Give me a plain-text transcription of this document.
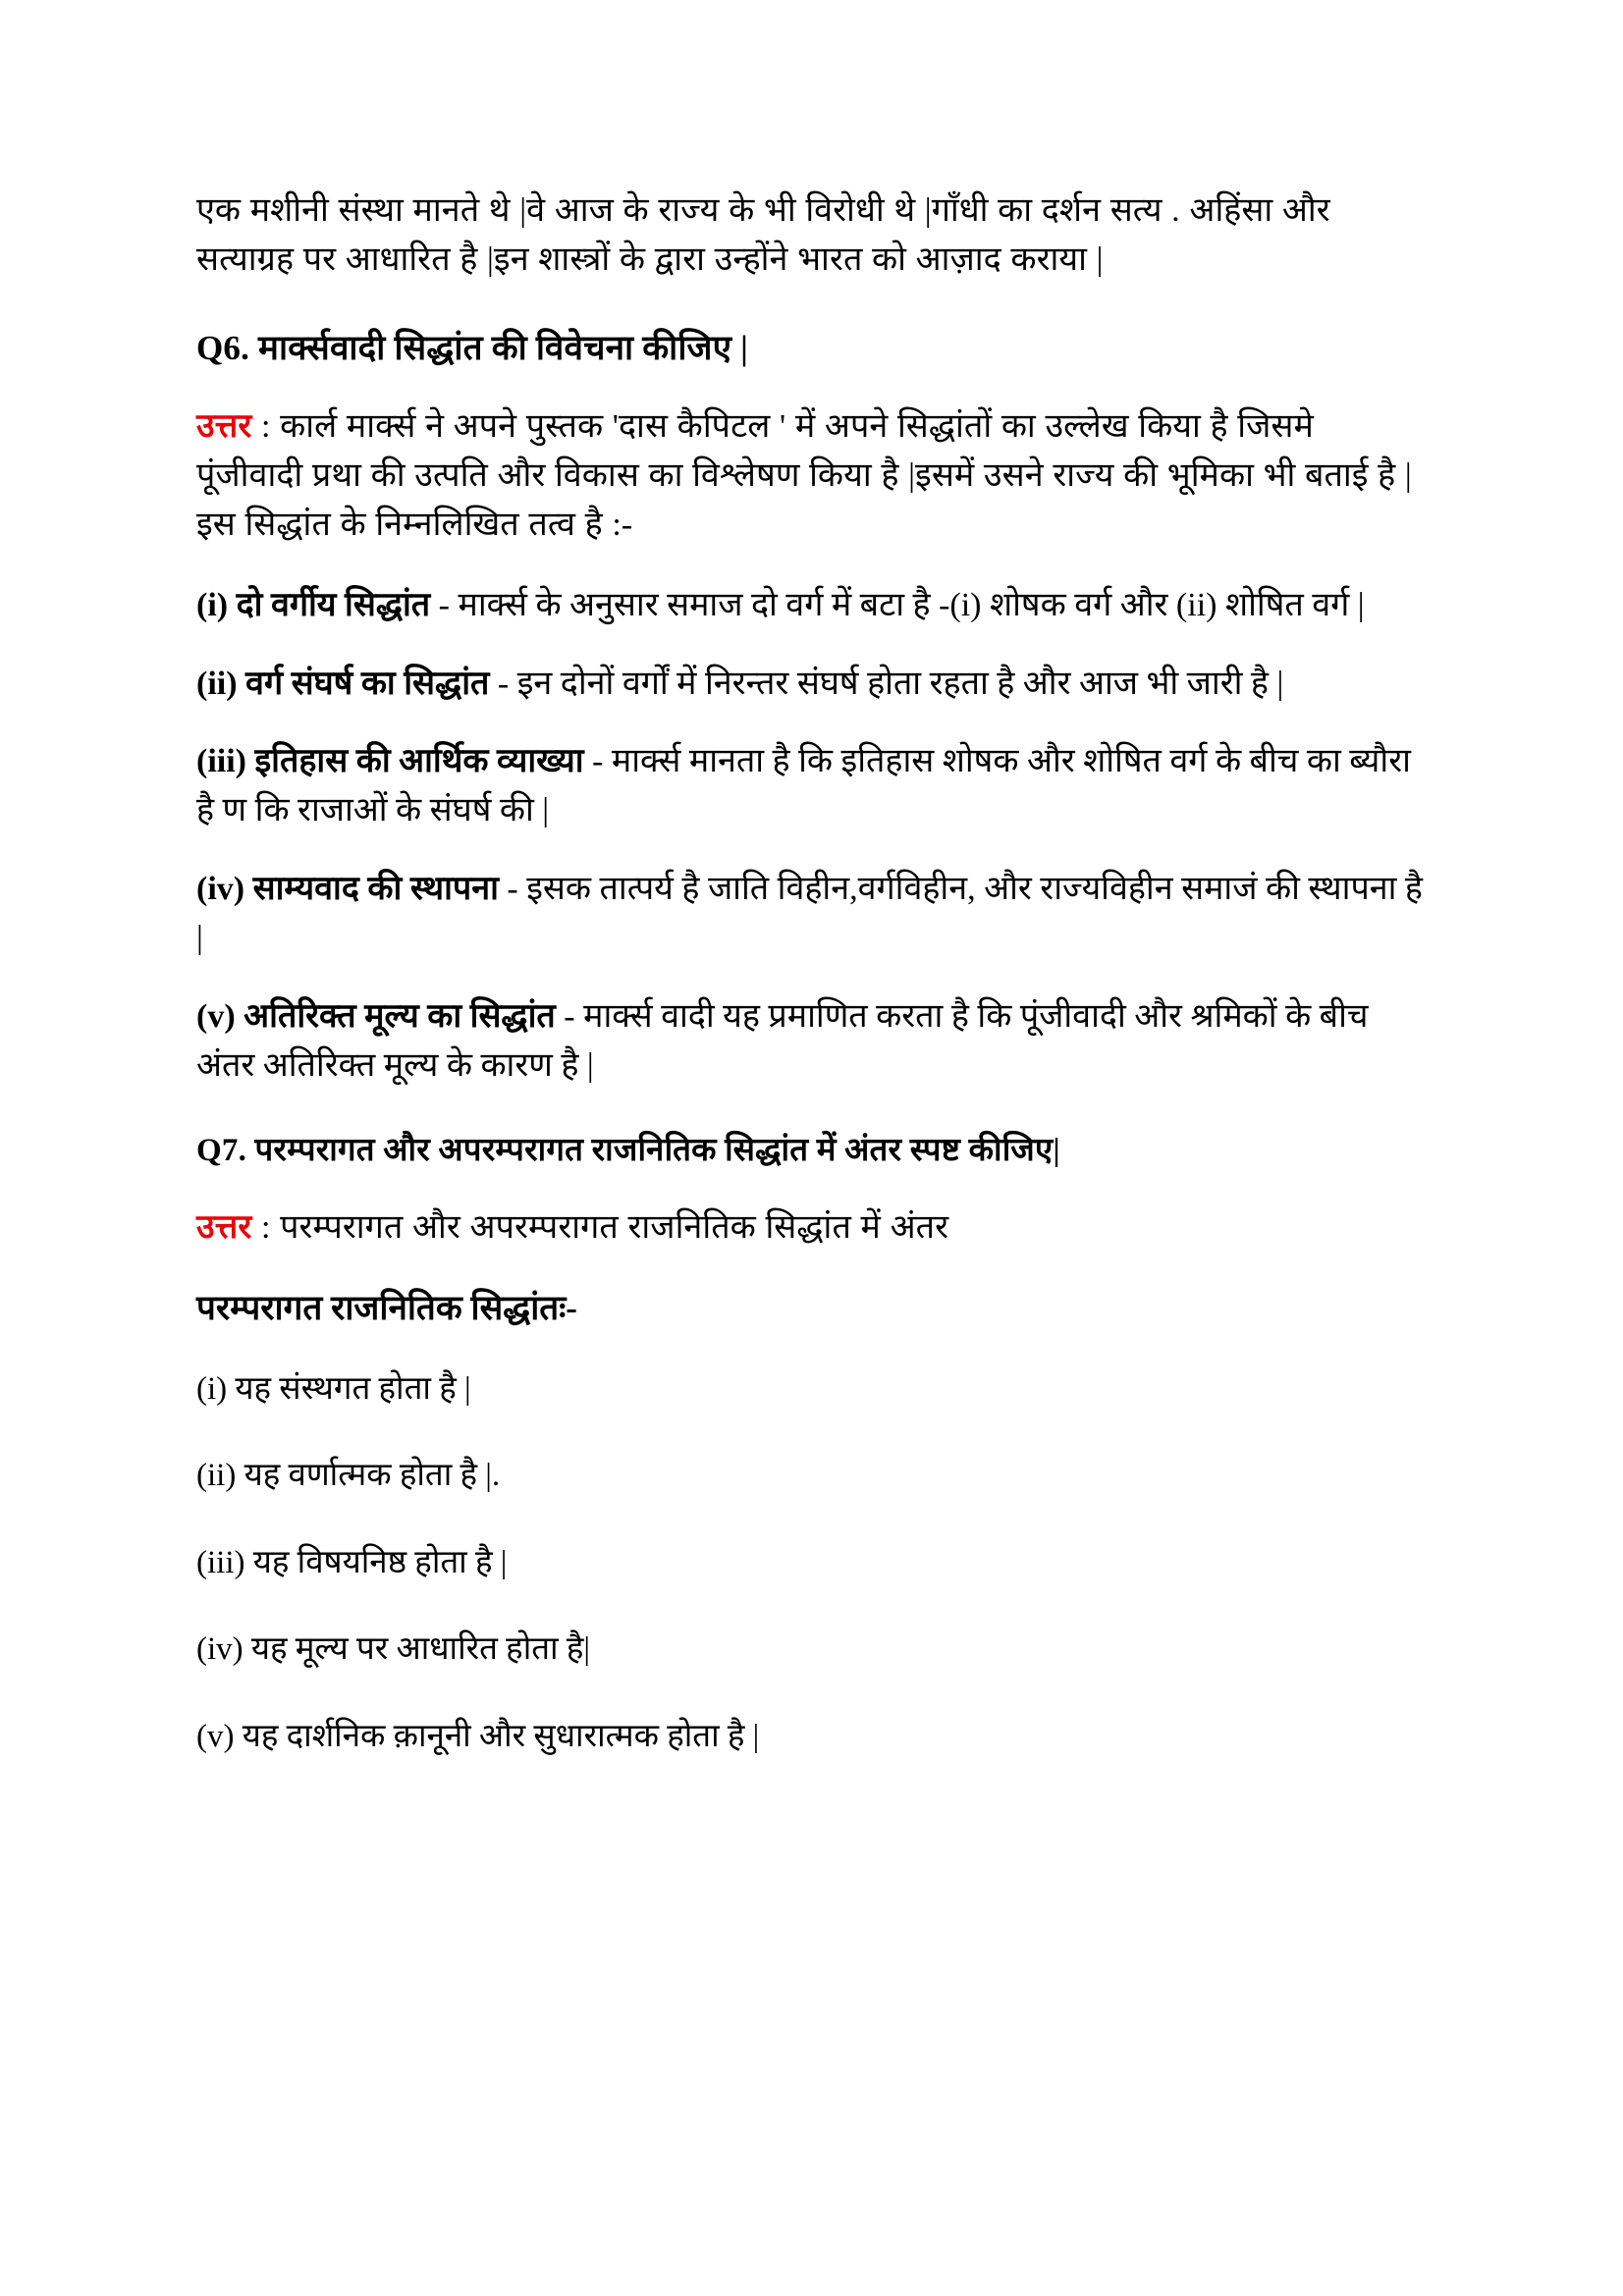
एक मशीनी संस्था मानते थे |वे आज के राज्य के भी विरोधी थे |गाँधी का दर्शन सत्य . अहिंसा और सत्याग्रह पर आधारित है |इन शास्त्रों के द्वारा उन्होंने भारत को आज़ाद कराया |

Q6. मार्क्सवादी सिद्धांत की विवेचना कीजिए |

उत्तर : कार्ल मार्क्स ने अपने पुस्तक 'दास कैपिटल ' में अपने सिद्धांतों का उल्लेख किया है जिसमे पूंजीवादी प्रथा की उत्पति और विकास का विश्लेषण किया है |इसमें उसने राज्य की भूमिका भी बताई है |इस सिद्धांत के निम्नलिखित तत्व है :-

(i) दो वर्गीय सिद्धांत - मार्क्स के अनुसार समाज दो वर्ग में बटा है -(i) शोषक वर्ग और (ii) शोषित वर्ग |

(ii) वर्ग संघर्ष का सिद्धांत - इन दोनों वर्गों में निरन्तर संघर्ष होता रहता है और आज भी जारी है |

(iii) इतिहास की आर्थिक व्याख्या - मार्क्स मानता है कि इतिहास शोषक और शोषित वर्ग के बीच का ब्यौरा है ण कि राजाओं के संघर्ष की |

(iv) साम्यवाद की स्थापना - इसक तात्पर्य है जाति विहीन,वर्गविहीन, और राज्यविहीन समाजं की स्थापना है |

(v) अतिरिक्त मूल्य का सिद्धांत - मार्क्स वादी यह प्रमाणित करता है कि पूंजीवादी और श्रमिकों के बीच अंतर अतिरिक्त मूल्य के कारण है |

Q7. परम्परागत और अपरम्परागत राजनितिक सिद्धांत में अंतर स्पष्ट कीजिए|

उत्तर : परम्परागत और अपरम्परागत राजनितिक सिद्धांत में अंतर

परम्परागत राजनितिक सिद्धांतः-

(i) यह संस्थगत होता है |

(ii) यह वर्णात्मक होता है |.

(iii) यह विषयनिष्ठ होता है |

(iv) यह मूल्य पर आधारित होता है|

(v) यह दार्शनिक क़ानूनी और सुधारात्मक होता है |
